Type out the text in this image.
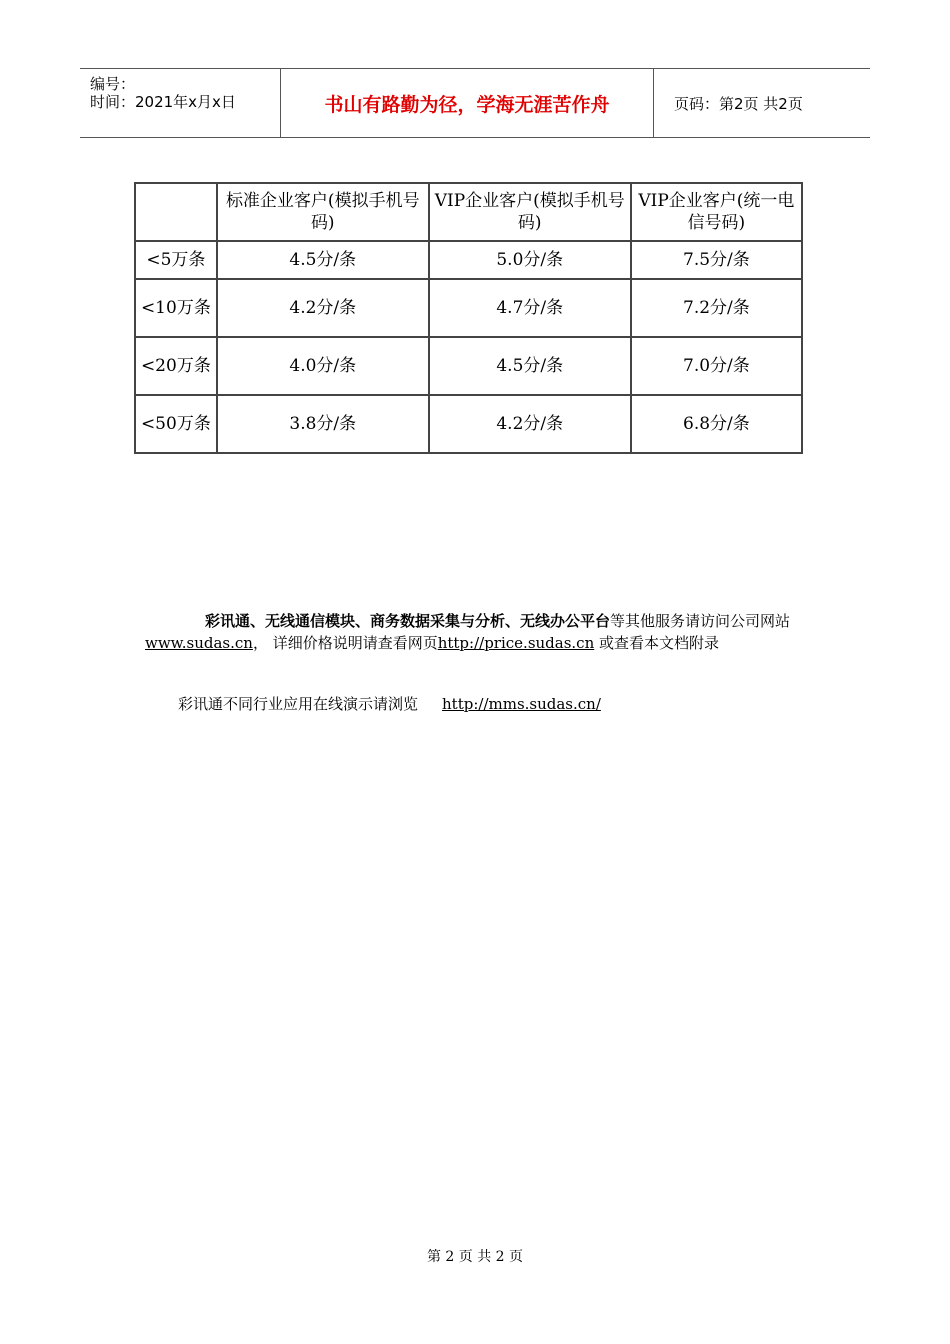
编号：
时间：2021年x月x日	书山有路勤为径，学海无涯苦作舟	页码：第2页 共2页
	标准企业客户(模拟手机号码)	VIP企业客户(模拟手机号码)	VIP企业客户(统一电信号码)
<5万条	4.5分/条	5.0分/条	7.5分/条
<10万条	4.2分/条	4.7分/条	7.2分/条
<20万条	4.0分/条	4.5分/条	7.0分/条
<50万条	3.8分/条	4.2分/条	6.8分/条
彩讯通、无线通信模块、商务数据采集与分析、无线办公平台等其他服务请访问公司网站www.sudas.cn， 详细价格说明请查看网页http://price.sudas.cn 或查看本文档附录
彩讯通不同行业应用在线演示请浏览 http://mms.sudas.cn/
第 2 页 共 2 页
